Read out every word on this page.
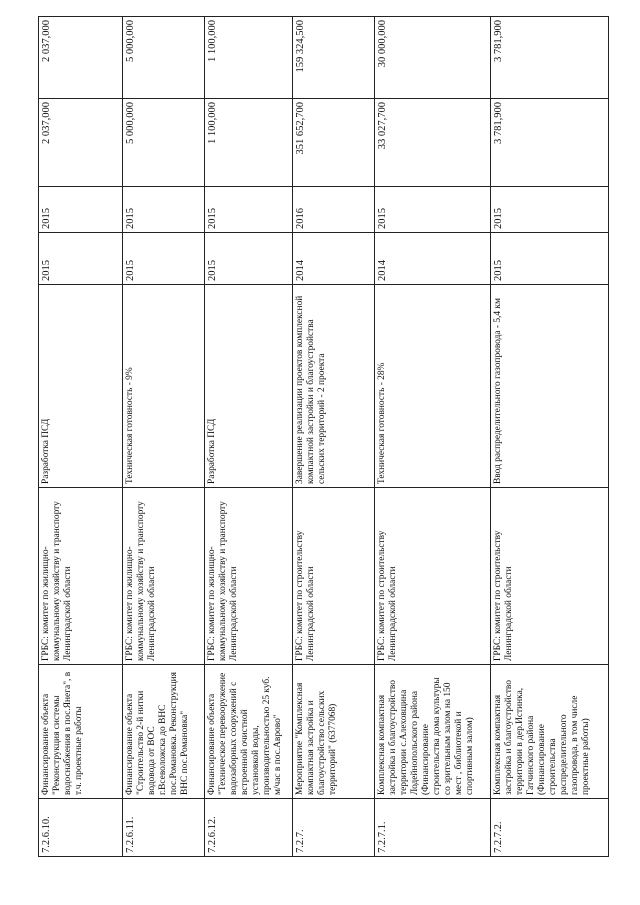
7.2.6.10.	Финансирование объекта "Реконструкция системы водоснабжения в пос.Янега", в т.ч. проектные работы	ГРБС: комитет по жилищно-коммунальному хозяйству и транспорту Ленинградской области	Разработка ПСД	2015	2015	2 037,000	2 037,000
7.2.6.11.	Финансирование объекта "Строительство 2-й нитки водовода от ВОС г.Всеволожска до ВНС пос.Романовка. Реконструкция ВНС пос.Романовка"	ГРБС: комитет по жилищно-коммунальному хозяйству и транспорту Ленинградской области	Техническая готовность - 9%	2015	2015	5 000,000	5 000,000
7.2.6.12.	Финансирование объекта "Техническое перевооружение водозаборных сооружений с встроенной очистной установкой воды, производительностью 25 куб. м/час в пос.Аврово"	ГРБС: комитет по жилищно-коммунальному хозяйству и транспорту Ленинградской области	Разработка ПСД	2015	2015	1 100,000	1 100,000
7.2.7.	Мероприятие "Комплексная компактная застройка и благоустройство сельских территорий" (6377068)	ГРБС: комитет по строительству Ленинградской области	Завершение реализации проектов комплексной компактной застройки и благоустройства сельских территорий - 2 проекта	2014	2016	351 652,700	159 324,500
7.2.7.1.	Комплексная компактная застройка и благоустройство территории с.Алеховщина Лодейнопольского района (Финансирование строительства дома культуры со зрительным залом на 150 мест , библиотекой и спортивным залом)	ГРБС: комитет по строительству Ленинградской области	Техническая готовность - 28%	2014	2015	33 027,700	30 000,000
7.2.7.2.	Комплексная компактная застройка и благоустройство территории в дер.Истинка, Гатчинского района (Финансирование строительства распределительного газопровода, в том числе проектные работы)	ГРБС: комитет по строительству Ленинградской области	Ввод распределительного газопровода - 5,4 км	2015	2015	3 781,900	3 781,900
